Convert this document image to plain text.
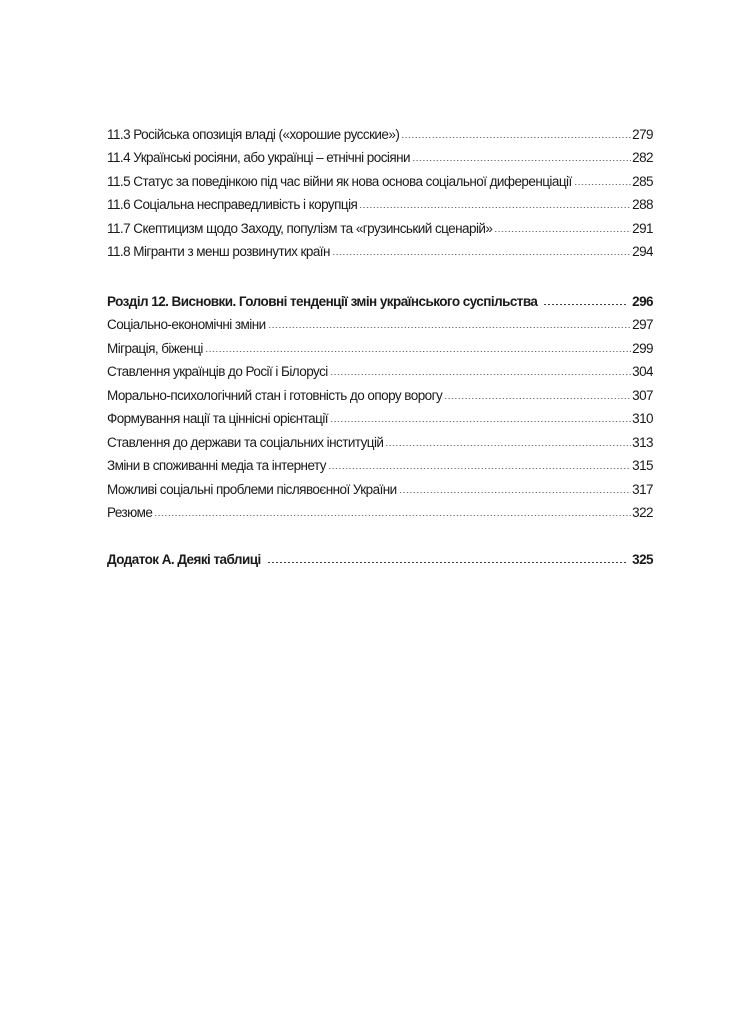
11.3 Російська опозиція владі («хорошие русские»)	279
11.4 Українські росіяни, або українці – етнічні росіяни	282
11.5 Статус за поведінкою під час війни як нова основа соціальної диференціації	285
11.6 Соціальна несправедливість і корупція	288
11.7 Скептицизм щодо Заходу, популізм та «грузинський сценарій»	291
11.8 Мігранти з менш розвинутих країн	294
Розділ 12. Висновки. Головні тенденції змін українського суспільства	296
Соціально-економічні зміни	297
Міграція, біженці	299
Ставлення українців до Росії і Білорусі	304
Морально-психологічний стан і готовність до опору ворогу	307
Формування нації та ціннісні орієнтації	310
Ставлення до держави та соціальних інституцій	313
Зміни в споживанні медіа та інтернету	315
Можливі соціальні проблеми післявоєнної України	317
Резюме	322
Додаток А. Деякі таблиці	325
